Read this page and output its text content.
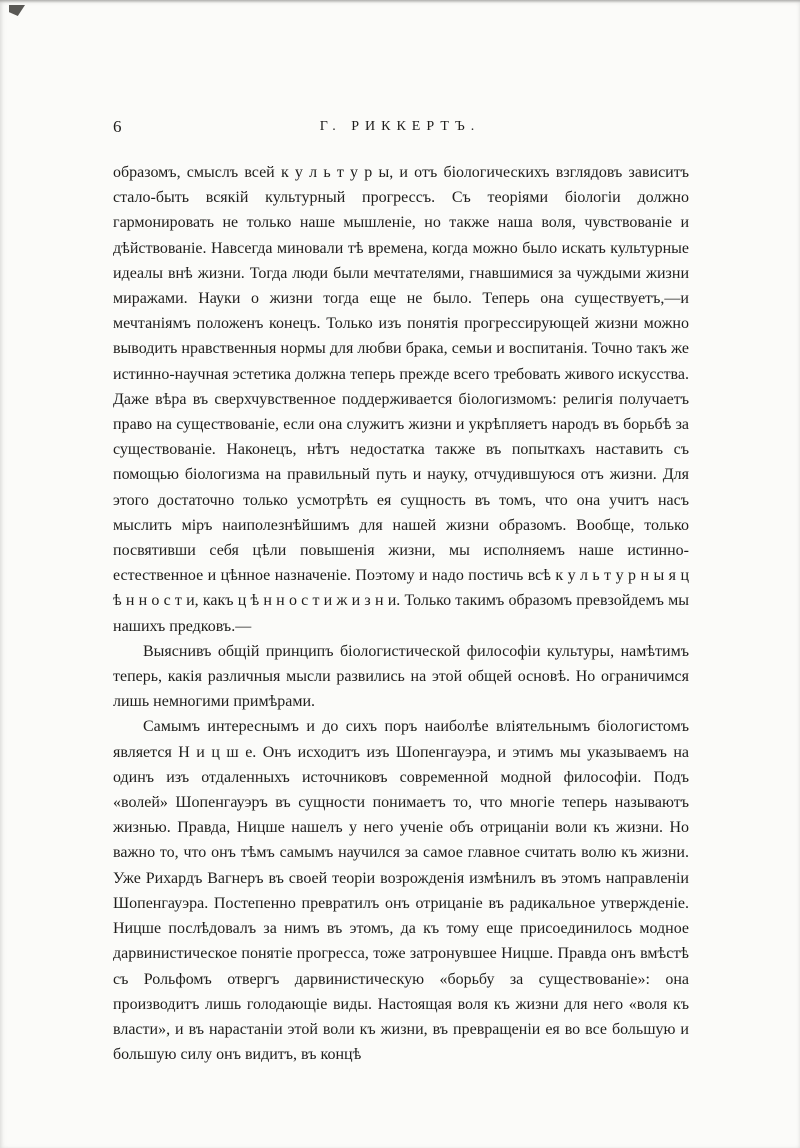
6	Г. РИККЕРТЪ.

образомъ, смыслъ всей к у л ь т у р ы, и отъ біологическихъ взглядовъ зависитъ стало-быть всякій культурный прогрессъ. Съ теоріями біологіи должно гармонировать не только наше мышленіе, но также наша воля, чувствованіе и дѣйствованіе. Навсегда миновали тѣ времена, когда можно было искать культурные идеалы внѣ жизни. Тогда люди были мечтателями, гнавшимися за чуждыми жизни миражами. Науки о жизни тогда еще не было. Теперь она существуетъ,—и мечтаніямъ положенъ конецъ. Только изъ понятія прогрессирующей жизни можно выводить нравственныя нормы для любви брака, семьи и воспитанія. Точно такъ же истинно-научная эстетика должна теперь прежде всего требовать живого искусства. Даже вѣра въ сверхчувственное поддерживается біологизмомъ: религія получаетъ право на существованіе, если она служитъ жизни и укрѣпляетъ народъ въ борьбѣ за существованіе. Наконецъ, нѣтъ недостатка также въ попыткахъ наставить съ помощью біологизма на правильный путь и науку, отчудившуюся отъ жизни. Для этого достаточно только усмотрѣть ея сущность въ томъ, что она учитъ насъ мыслить міръ наиполезнѣйшимъ для нашей жизни образомъ. Вообще, только посвятивши себя цѣли повышенія жизни, мы исполняемъ наше истинно-естественное и цѣнное назначеніе. Поэтому и надо постичь всѣ к у л ь т у р н ы я ц ѣ н н о с т и, какъ ц ѣ н н о с т и ж и з н и. Только такимъ образомъ превзойдемъ мы нашихъ предковъ.—

Выяснивъ общій принципъ біологистической философіи культуры, намѣтимъ теперь, какія различныя мысли развились на этой общей основѣ. Но ограничимся лишь немногими примѣрами.

Самымъ интереснымъ и до сихъ поръ наиболѣе вліятельнымъ біологистомъ является Н и ц ш е. Онъ исходитъ изъ Шопенгауэра, и этимъ мы указываемъ на одинъ изъ отдаленныхъ источниковъ современной модной философіи. Подъ «волей» Шопенгауэръ въ сущности понимаетъ то, что многіе теперь называютъ жизнью. Правда, Ницше нашелъ у него ученіе объ отрицаніи воли къ жизни. Но важно то, что онъ тѣмъ самымъ научился за самое главное считать волю къ жизни. Уже Рихардъ Вагнеръ въ своей теоріи возрожденія измѣнилъ въ этомъ направленіи Шопенгауэра. Постепенно превратилъ онъ отрицаніе въ радикальное утвержденіе. Ницше послѣдовалъ за нимъ въ этомъ, да къ тому еще присоединилось модное дарвинистическое понятіе прогресса, тоже затронувшее Ницше. Правда онъ вмѣстѣ съ Рольфомъ отвергъ дарвинистическую «борьбу за существованіе»: она производитъ лишь голодающіе виды. Настоящая воля къ жизни для него «воля къ власти», и въ нарастаніи этой воли къ жизни, въ превращеніи ея во все большую и большую силу онъ видитъ, въ концѣ
